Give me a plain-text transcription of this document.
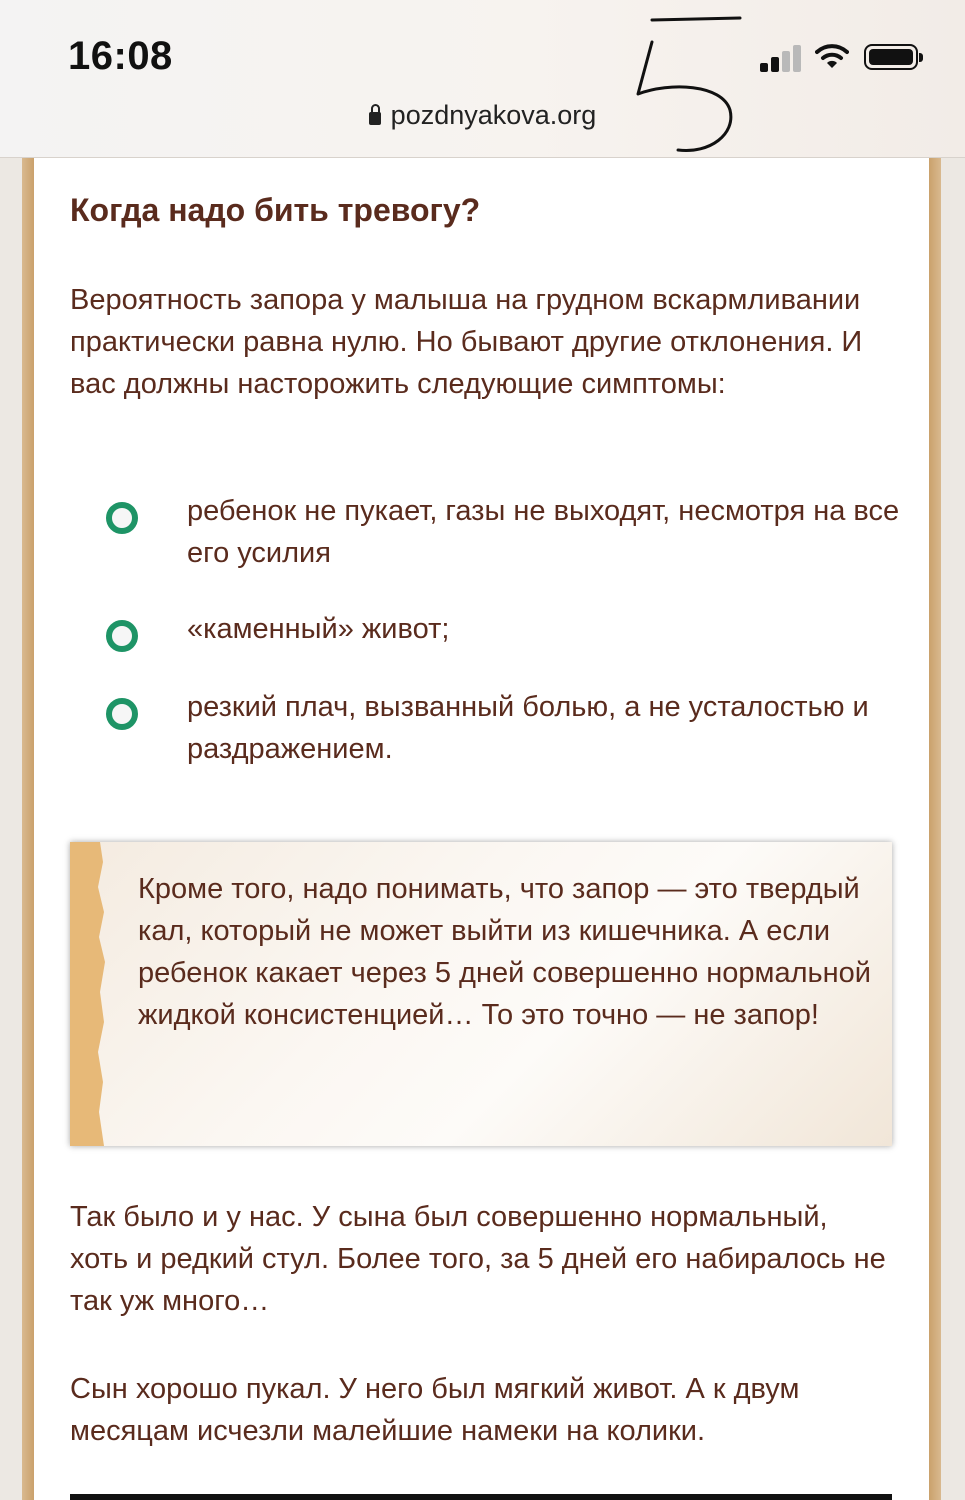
16:08
pozdnyakova.org
Когда надо бить тревогу?
Вероятность запора у малыша на грудном вскармливании практически равна нулю. Но бывают другие отклонения. И вас должны насторожить следующие симптомы:
ребенок не пукает, газы не выходят, несмотря на все его усилия
«каменный» живот;
резкий плач, вызванный болью, а не усталостью и раздражением.
Кроме того, надо понимать, что запор — это твердый кал, который не может выйти из кишечника. А если ребенок какает через 5 дней совершенно нормальной жидкой консистенцией… То это точно — не запор!
Так было и у нас. У сына был совершенно нормальный, хоть и редкий стул. Более того, за 5 дней его набиралось не так уж много…
Сын хорошо пукал. У него был мягкий живот. А к двум месяцам исчезли малейшие намеки на колики.
